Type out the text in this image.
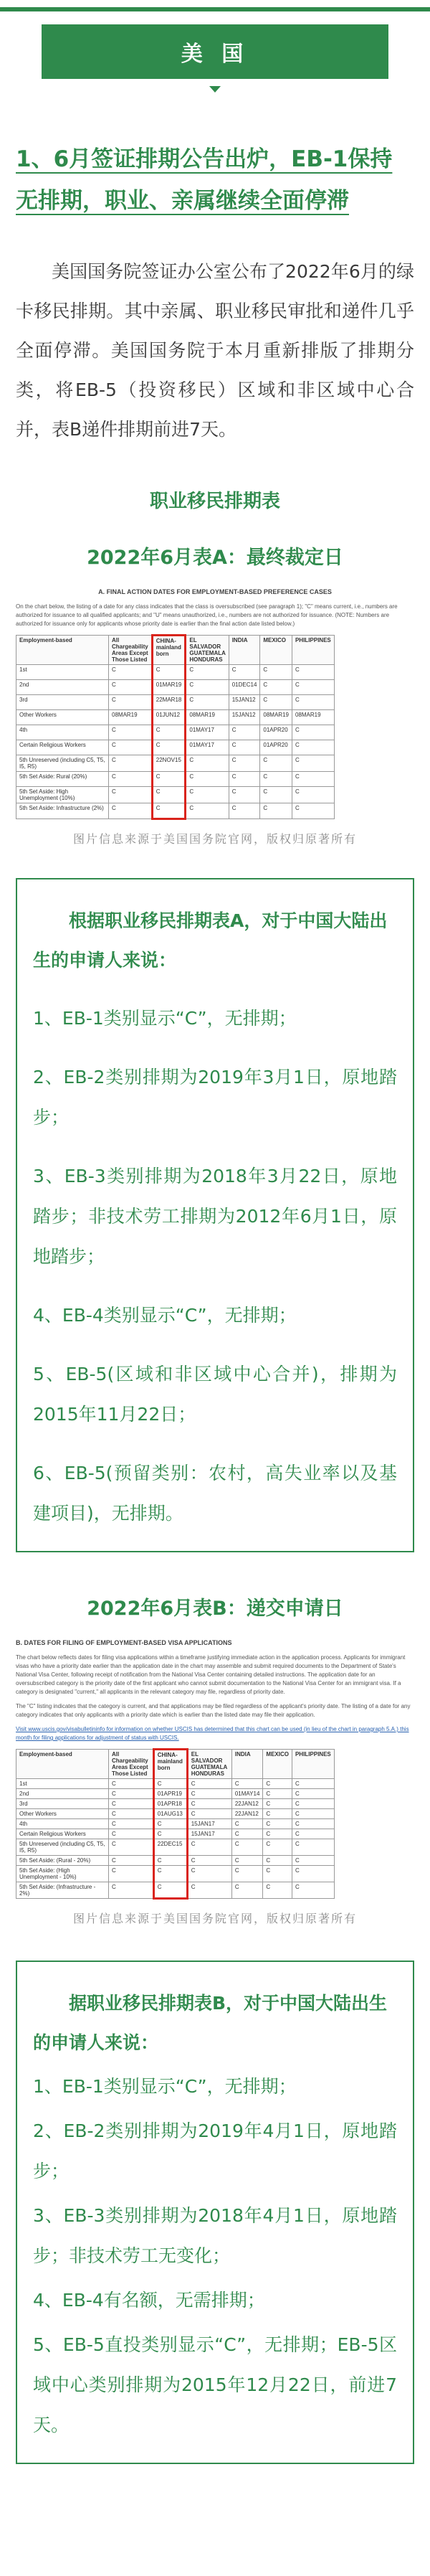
美 国
1、6月签证排期公告出炉，EB-1保持无排期，职业、亲属继续全面停滞
美国国务院签证办公室公布了2022年6月的绿卡移民排期。其中亲属、职业移民审批和递件几乎全面停滞。美国国务院于本月重新排版了排期分类，将EB-5（投资移民）区域和非区域中心合并，表B递件排期前进7天。
职业移民排期表
2022年6月表A：最终裁定日
A. FINAL ACTION DATES FOR EMPLOYMENT-BASED PREFERENCE CASES
On the chart below, the listing of a date for any class indicates that the class is oversubscribed (see paragraph 1); "C" means current, i.e., numbers are authorized for issuance to all qualified applicants; and "U" means unauthorized, i.e., numbers are not authorized for issuance. (NOTE: Numbers are authorized for issuance only for applicants whose priority date is earlier than the final action date listed below.)
Employment-based	All Chargeability Areas Except Those Listed	CHINA-mainland born	EL SALVADOR GUATEMALA HONDURAS	INDIA	MEXICO	PHILIPPINES
1st	C	C	C	C	C	C
2nd	C	01MAR19	C	01DEC14	C	C
3rd	C	22MAR18	C	15JAN12	C	C
Other Workers	08MAR19	01JUN12	08MAR19	15JAN12	08MAR19	08MAR19
4th	C	C	01MAY17	C	01APR20	C
Certain Religious Workers	C	C	01MAY17	C	01APR20	C
5th Unreserved (including C5, T5, I5, R5)	C	22NOV15	C	C	C	C
5th Set Aside: Rural (20%)	C	C	C	C	C	C
5th Set Aside: High Unemployment (10%)	C	C	C	C	C	C
5th Set Aside: Infrastructure (2%)	C	C	C	C	C	C
图片信息来源于美国国务院官网，版权归原著所有
根据职业移民排期表A，对于中国大陆出生的申请人来说：
1、EB-1类别显示“C”，无排期；
2、EB-2类别排期为2019年3月1日，原地踏步；
3、EB-3类别排期为2018年3月22日，原地踏步；非技术劳工排期为2012年6月1日，原地踏步；
4、EB-4类别显示“C”，无排期；
5、EB-5(区域和非区域中心合并)，排期为2015年11月22日；
6、EB-5(预留类别：农村，高失业率以及基建项目)，无排期。
2022年6月表B：递交申请日
B. DATES FOR FILING OF EMPLOYMENT-BASED VISA APPLICATIONS
The chart below reflects dates for filing visa applications within a timeframe justifying immediate action in the application process. Applicants for immigrant visas who have a priority date earlier than the application date in the chart may assemble and submit required documents to the Department of State's National Visa Center, following receipt of notification from the National Visa Center containing detailed instructions. The application date for an oversubscribed category is the priority date of the first applicant who cannot submit documentation to the National Visa Center for an immigrant visa. If a category is designated "current," all applicants in the relevant category may file, regardless of priority date.
The "C" listing indicates that the category is current, and that applications may be filed regardless of the applicant's priority date. The listing of a date for any category indicates that only applicants with a priority date which is earlier than the listed date may file their application.
Visit www.uscis.gov/visabulletininfo for information on whether USCIS has determined that this chart can be used (in lieu of the chart in paragraph 5.A.) this month for filing applications for adjustment of status with USCIS.
Employment-based	All Chargeability Areas Except Those Listed	CHINA-mainland born	EL SALVADOR GUATEMALA HONDURAS	INDIA	MEXICO	PHILIPPINES
1st	C	C	C	C	C	C
2nd	C	01APR19	C	01MAY14	C	C
3rd	C	01APR18	C	22JAN12	C	C
Other Workers	C	01AUG13	C	22JAN12	C	C
4th	C	C	15JAN17	C	C	C
Certain Religious Workers	C	C	15JAN17	C	C	C
5th Unreserved (including C5, T5, I5, R5)	C	22DEC15	C	C	C	C
5th Set Aside: (Rural - 20%)	C	C	C	C	C	C
5th Set Aside: (High Unemployment - 10%)	C	C	C	C	C	C
5th Set Aside: (Infrastructure - 2%)	C	C	C	C	C	C
图片信息来源于美国国务院官网，版权归原著所有
据职业移民排期表B，对于中国大陆出生的申请人来说：
1、EB-1类别显示“C”，无排期；
2、EB-2类别排期为2019年4月1日，原地踏步；
3、EB-3类别排期为2018年4月1日，原地踏步；非技术劳工无变化；
4、EB-4有名额，无需排期；
5、EB-5直投类别显示“C”，无排期；EB-5区域中心类别排期为2015年12月22日，前进7天。
